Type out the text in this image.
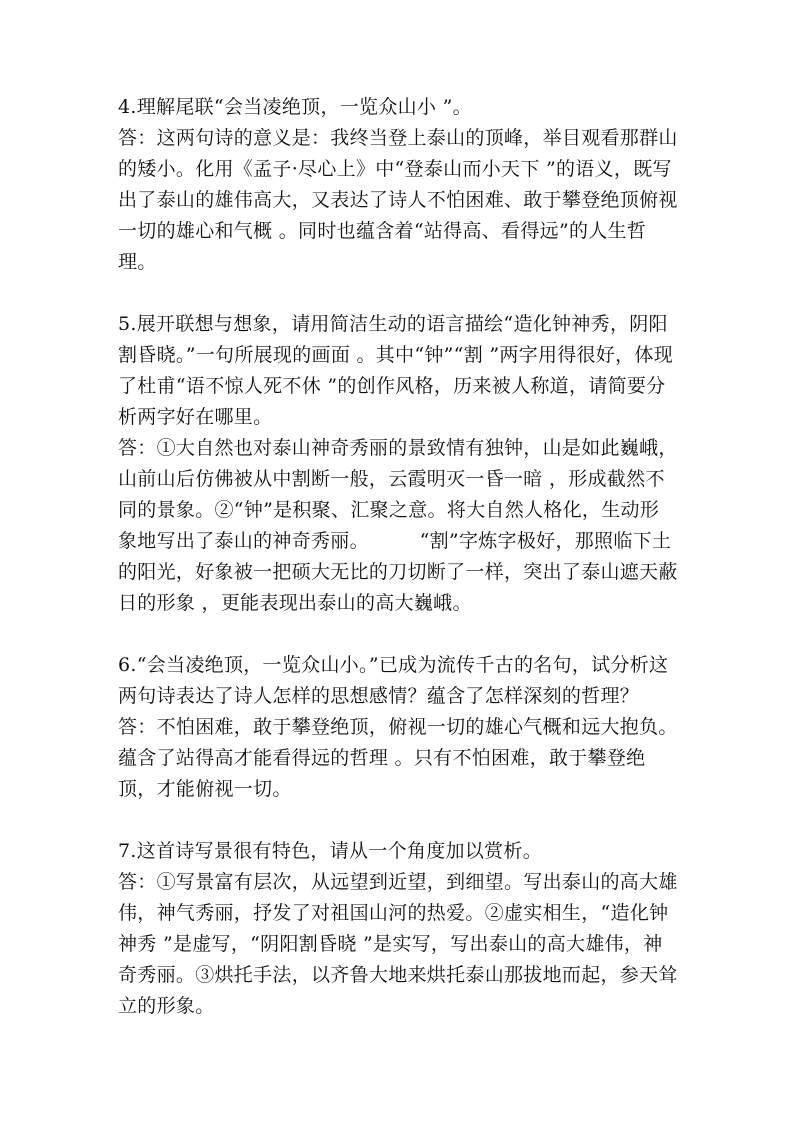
4.理解尾联“会当凌绝顶，一览众山小 ”。

答：这两句诗的意义是：我终当登上泰山的顶峰，举目观看那群山的矮小。化用《孟子·尽心上》中“登泰山而小天下 ”的语义，既写出了泰山的雄伟高大，又表达了诗人不怕困难、敢于攀登绝顶俯视一切的雄心和气概 。同时也蕴含着“站得高、看得远”的人生哲理。

5.展开联想与想象，请用简洁生动的语言描绘“造化钟神秀，阴阳割昏晓。”一句所展现的画面 。其中“钟”“割 ”两字用得很好，体现了杜甫“语不惊人死不休 ”的创作风格，历来被人称道，请简要分析两字好在哪里。

答：①大自然也对泰山神奇秀丽的景致情有独钟，山是如此巍峨，山前山后仿佛被从中割断一般，云霞明灭一昏一暗 ，形成截然不同的景象。②“钟”是积聚、汇聚之意。将大自然人格化，生动形象地写出了泰山的神奇秀丽。        “割”字炼字极好，那照临下土的阳光，好象被一把硕大无比的刀切断了一样，突出了泰山遮天蔽日的形象 ，更能表现出泰山的高大巍峨。

6.“会当凌绝顶，一览众山小。”已成为流传千古的名句，试分析这两句诗表达了诗人怎样的思想感情？蕴含了怎样深刻的哲理？

答：不怕困难，敢于攀登绝顶，俯视一切的雄心气概和远大抱负。

蕴含了站得高才能看得远的哲理 。只有不怕困难，敢于攀登绝顶，才能俯视一切。

7.这首诗写景很有特色，请从一个角度加以赏析。

答：①写景富有层次，从远望到近望，到细望。写出泰山的高大雄伟，神气秀丽，抒发了对祖国山河的热爱。②虚实相生，“造化钟神秀 ”是虚写，“阴阳割昏晓 ”是实写，写出泰山的高大雄伟，神奇秀丽。③烘托手法，以齐鲁大地来烘托泰山那拔地而起，参天耸立的形象。
